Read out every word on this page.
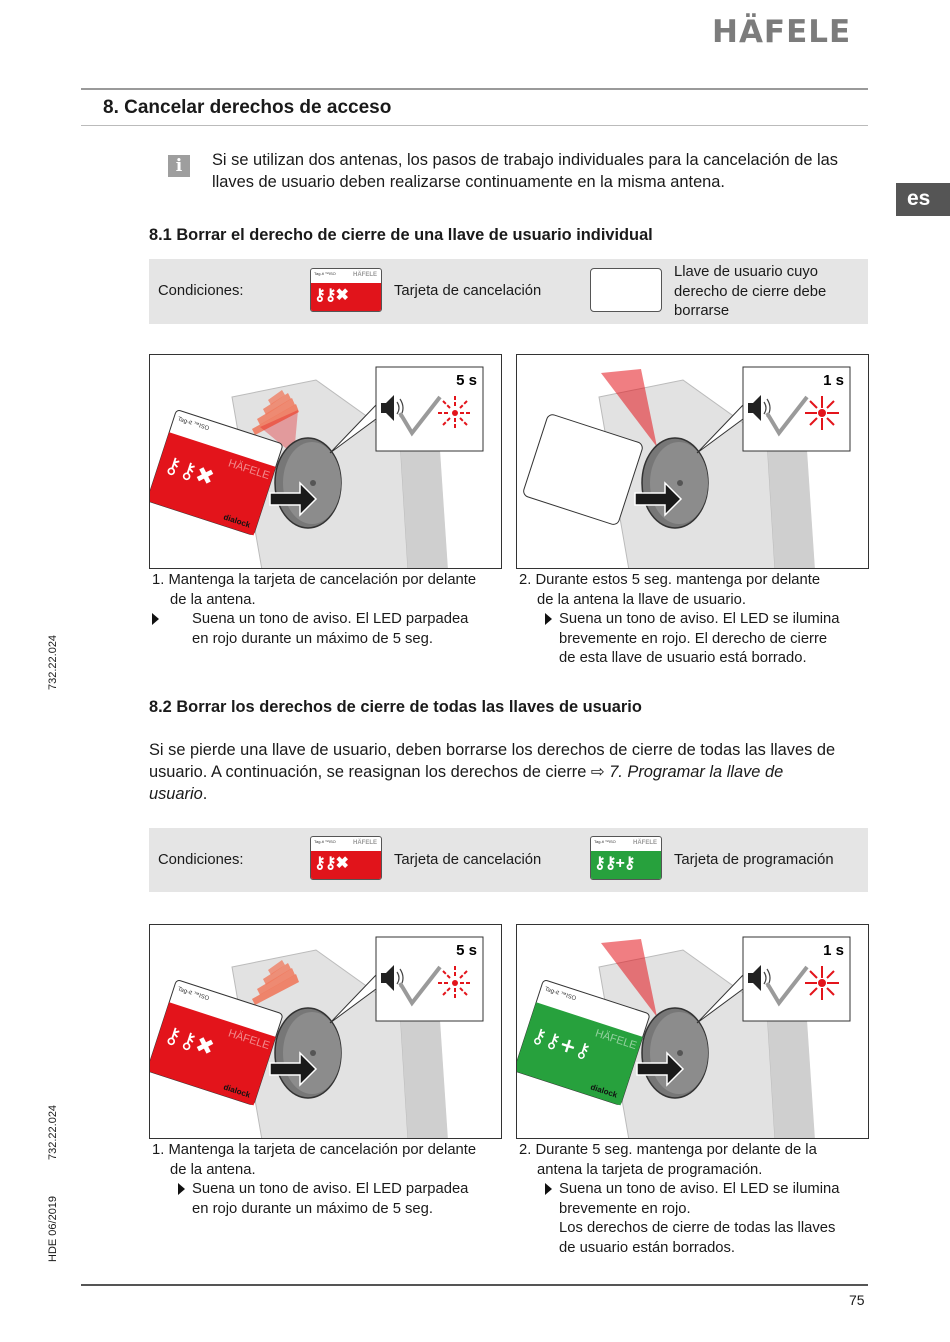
HÄFELE
8. Cancelar derechos de acceso
es
i	Si se utilizan dos antenas, los pasos de trabajo individuales para la cancelación de las llaves de usuario deben realizarse continuamente en la misma antena.
8.1 Borrar el derecho de cierre de una llave de usuario individual
Condiciones:
Tag-it ™ISO	HÄFELE
⚷⚷✖	Tarjeta de cancelación
Llave de usuario cuyo
derecho de cierre debe
borrarse
Tag-it ™ISO
HÄFELE
⚷⚷✖
dialock
5 s	1 s
1. Mantenga la tarjeta de cancelación por delante
de la antena.
Suena un tono de aviso. El LED parpadea
en rojo durante un máximo de 5 seg.
2. Durante estos 5 seg. mantenga por delante
de la antena la llave de usuario.
Suena un tono de aviso. El LED se ilumina
brevemente en rojo. El derecho de cierre
de esta llave de usuario está borrado.
732.22.024
8.2 Borrar los derechos de cierre de todas las llaves de usuario
Si se pierde una llave de usuario, deben borrarse los derechos de cierre de todas las llaves de
usuario. A continuación, se reasignan los derechos de cierre ⇨ 7. Programar la llave de
usuario.
Condiciones:
Tag-it ™ISO	HÄFELE
⚷⚷✖	Tarjeta de cancelación
Tag-it ™ISO	HÄFELE
⚷⚷+⚷	Tarjeta de programación
Tag-it ™ISO
HÄFELE
⚷⚷✖
dialock
5 s
Tag-it ™ISO
HÄFELE
⚷⚷+⚷
dialock
1 s
1. Mantenga la tarjeta de cancelación por delante
de la antena.
Suena un tono de aviso. El LED parpadea
en rojo durante un máximo de 5 seg.
2. Durante 5 seg. mantenga por delante de la
antena la tarjeta de programación.
Suena un tono de aviso. El LED se ilumina
brevemente en rojo.
Los derechos de cierre de todas las llaves
de usuario están borrados.
732.22.024
HDE 06/2019
75
